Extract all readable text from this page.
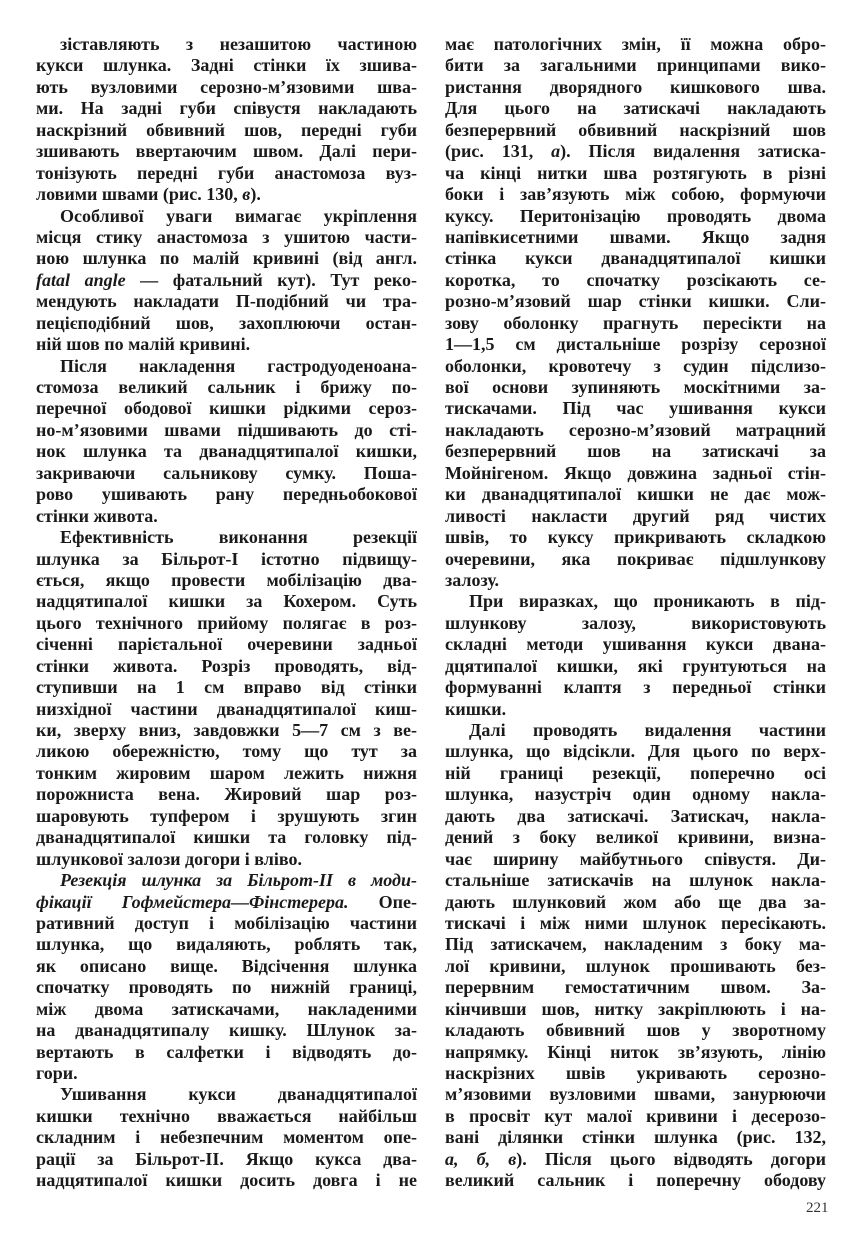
зіставляють з незашитою частиною
кукси шлунка. Задні стінки їх зшива-
ють вузловими серозно-м’язовими шва-
ми. На задні губи співустя накладають
наскрізний обвивний шов, передні губи
зшивають ввертаючим швом. Далі пери-
тонізують передні губи анастомоза вуз-
ловими швами (рис. 130, в).
Особливої уваги вимагає укріплення
місця стику анастомоза з ушитою части-
ною шлунка по малій кривині (від англ.
fatal angle — фатальний кут). Тут реко-
мендують накладати П-подібний чи тра-
пецієподібний шов, захоплюючи остан-
ній шов по малій кривині.
Після накладення гастродуоденоана-
стомоза великий сальник і брижу по-
перечної ободової кишки рідкими сероз-
но-м’язовими швами підшивають до сті-
нок шлунка та дванадцятипалої кишки,
закриваючи сальникову сумку. Поша-
рово ушивають рану передньобокової
стінки живота.
Ефективність виконання резекції
шлунка за Більрот-І істотно підвищу-
ється, якщо провести мобілізацію два-
надцятипалої кишки за Кохером. Суть
цього технічного прийому полягає в роз-
січенні парієтальної очеревини задньої
стінки живота. Розріз проводять, від-
ступивши на 1 см вправо від стінки
низхідної частини дванадцятипалої киш-
ки, зверху вниз, завдовжки 5—7 см з ве-
ликою обережністю, тому що тут за
тонким жировим шаром лежить нижня
порожниста вена. Жировий шар роз-
шаровують тупфером і зрушують згин
дванадцятипалої кишки та головку під-
шлункової залози догори і вліво.
Резекція шлунка за Більрот-ІІ в моди-
фікації Гофмейстера—Фінстерера. Опе-
ративний доступ і мобілізацію частини
шлунка, що видаляють, роблять так,
як описано вище. Відсічення шлунка
спочатку проводять по нижній границі,
між двома затискачами, накладеними
на дванадцятипалу кишку. Шлунок за-
вертають в салфетки і відводять до-
гори.
Ушивання кукси дванадцятипалої
кишки технічно вважається найбільш
складним і небезпечним моментом опе-
рації за Більрот-ІІ. Якщо кукса два-
надцятипалої кишки досить довга і не
має патологічних змін, її можна обро-
бити за загальними принципами вико-
ристання дворядного кишкового шва.
Для цього на затискачі накладають
безперервний обвивний наскрізний шов
(рис. 131, а). Після видалення затиска-
ча кінці нитки шва розтягують в різні
боки і зав’язують між собою, формуючи
куксу. Перитонізацію проводять двома
напівкисетними швами. Якщо задня
стінка кукси дванадцятипалої кишки
коротка, то спочатку розсікають се-
розно-м’язовий шар стінки кишки. Сли-
зову оболонку прагнуть пересікти на
1—1,5 см дистальніше розрізу серозної
оболонки, кровотечу з судин підслизо-
вої основи зупиняють москітними за-
тискачами. Під час ушивання кукси
накладають серозно-м’язовий матрацний
безперервний шов на затискачі за
Мойнігеном. Якщо довжина задньої стін-
ки дванадцятипалої кишки не дає мож-
ливості накласти другий ряд чистих
швів, то куксу прикривають складкою
очеревини, яка покриває підшлункову
залозу.
При виразках, що проникають в під-
шлункову залозу, використовують
складні методи ушивання кукси двана-
дцятипалої кишки, які грунтуються на
формуванні клаптя з передньої стінки
кишки.
Далі проводять видалення частини
шлунка, що відсікли. Для цього по верх-
ній границі резекції, поперечно осі
шлунка, назустріч один одному накла-
дають два затискачі. Затискач, накла-
дений з боку великої кривини, визна-
чає ширину майбутнього співустя. Ди-
стальніше затискачів на шлунок накла-
дають шлунковий жом або ще два за-
тискачі і між ними шлунок пересікають.
Під затискачем, накладеним з боку ма-
лої кривини, шлунок прошивають без-
перервним гемостатичним швом. За-
кінчивши шов, нитку закріплюють і на-
кладають обвивний шов у зворотному
напрямку. Кінці ниток зв’язують, лінію
наскрізних швів укривають серозно-
м’язовими вузловими швами, занурюючи
в просвіт кут малої кривини і десерозо-
вані ділянки стінки шлунка (рис. 132,
а, б, в). Після цього відводять догори
великий сальник і поперечну ободову
221
